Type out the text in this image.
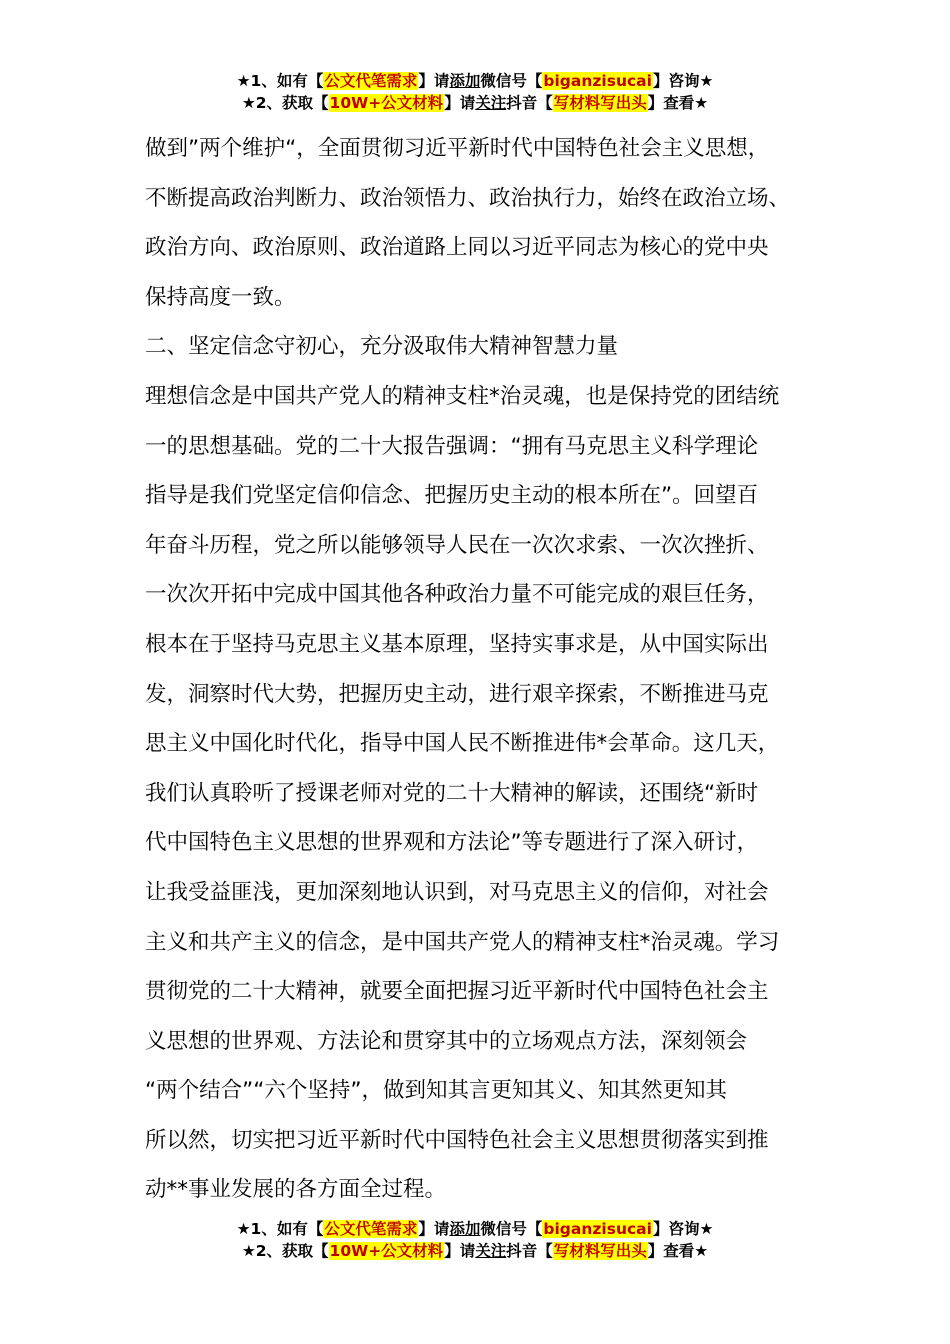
★1、如有【公文代笔需求】请添加微信号【biganzisucai】咨询★
★2、获取【10W+公文材料】请关注抖音【写材料写出头】查看★

做到”两个维护“，全面贯彻习近平新时代中国特色社会主义思想，

不断提高政治判断力、政治领悟力、政治执行力，始终在政治立场、

政治方向、政治原则、政治道路上同以习近平同志为核心的党中央

保持高度一致。

二、坚定信念守初心，充分汲取伟大精神智慧力量

理想信念是中国共产党人的精神支柱*治灵魂，也是保持党的团结统

一的思想基础。党的二十大报告强调：“拥有马克思主义科学理论

指导是我们党坚定信仰信念、把握历史主动的根本所在”。回望百

年奋斗历程，党之所以能够领导人民在一次次求索、一次次挫折、

一次次开拓中完成中国其他各种政治力量不可能完成的艰巨任务，

根本在于坚持马克思主义基本原理，坚持实事求是，从中国实际出

发，洞察时代大势，把握历史主动，进行艰辛探索，不断推进马克

思主义中国化时代化，指导中国人民不断推进伟*会革命。这几天，

我们认真聆听了授课老师对党的二十大精神的解读，还围绕“新时

代中国特色主义思想的世界观和方法论”等专题进行了深入研讨，

让我受益匪浅，更加深刻地认识到，对马克思主义的信仰，对社会

主义和共产主义的信念，是中国共产党人的精神支柱*治灵魂。学习

贯彻党的二十大精神，就要全面把握习近平新时代中国特色社会主

义思想的世界观、方法论和贯穿其中的立场观点方法，深刻领会

“两个结合”“六个坚持”，做到知其言更知其义、知其然更知其

所以然，切实把习近平新时代中国特色社会主义思想贯彻落实到推

动**事业发展的各方面全过程。

★1、如有【公文代笔需求】请添加微信号【biganzisucai】咨询★
★2、获取【10W+公文材料】请关注抖音【写材料写出头】查看★
